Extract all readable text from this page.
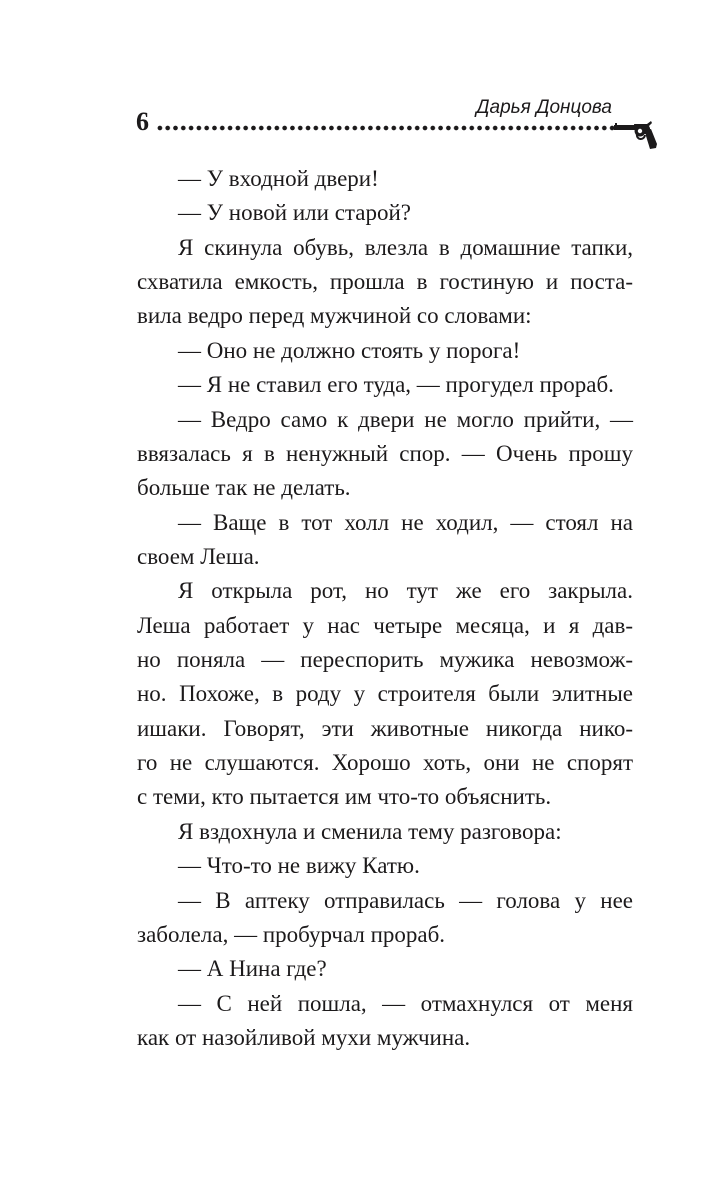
Дарья Донцова
6
— У входной двери!
— У новой или старой?
Я скинула обувь, влезла в домашние тапки,
схватила емкость, прошла в гостиную и поста-
вила ведро перед мужчиной со словами:
— Оно не должно стоять у порога!
— Я не ставил его туда, — прогудел прораб.
— Ведро само к двери не могло прийти, —
ввязалась я в ненужный спор. — Очень прошу
больше так не делать.
— Ваще в тот холл не ходил, — стоял на
своем Леша.
Я открыла рот, но тут же его закрыла.
Леша работает у нас четыре месяца, и я дав-
но поняла — переспорить мужика невозмож-
но. Похоже, в роду у строителя были элитные
ишаки. Говорят, эти животные никогда нико-
го не слушаются. Хорошо хоть, они не спорят
с теми, кто пытается им что-то объяснить.
Я вздохнула и сменила тему разговора:
— Что-то не вижу Катю.
— В аптеку отправилась — голова у нее
заболела, — пробурчал прораб.
— А Нина где?
— С ней пошла, — отмахнулся от меня
как от назойливой мухи мужчина.
